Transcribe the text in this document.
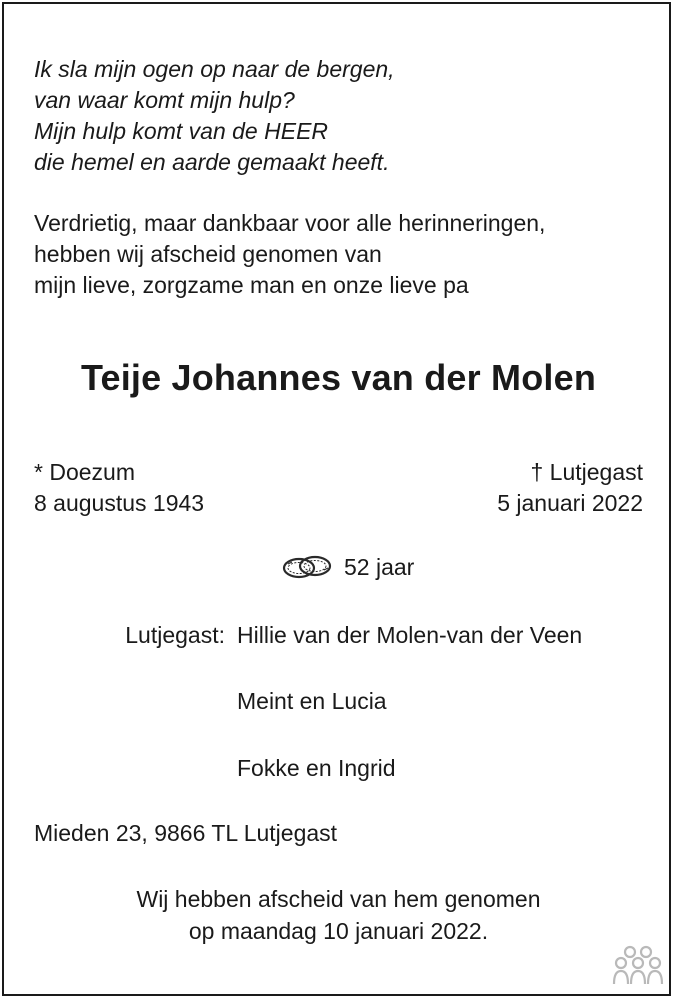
Ik sla mijn ogen op naar de bergen,
van waar komt mijn hulp?
Mijn hulp komt van de HEER
die hemel en aarde gemaakt heeft.
Verdrietig, maar dankbaar voor alle herinneringen,
hebben wij afscheid genomen van
mijn lieve, zorgzame man en onze lieve pa
Teije Johannes van der Molen
* Doezum
8 augustus 1943
† Lutjegast
5 januari 2022
52 jaar
Lutjegast: Hillie van der Molen-van der Veen
Meint en Lucia
Fokke en Ingrid
Mieden 23, 9866 TL Lutjegast
Wij hebben afscheid van hem genomen
op maandag 10 januari 2022.
